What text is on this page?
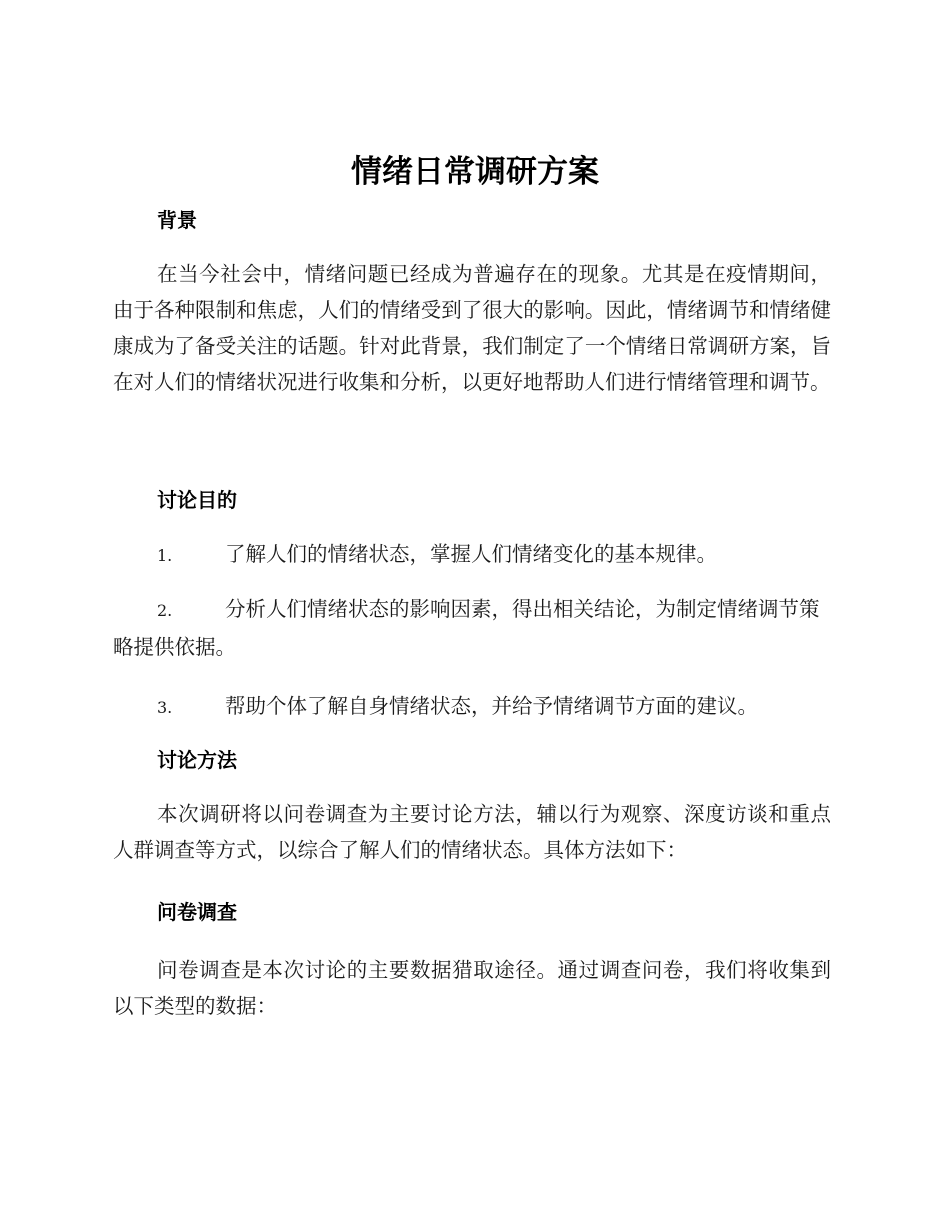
情绪日常调研方案
背景

在当今社会中，情绪问题已经成为普遍存在的现象。尤其是在疫情期间，由于各种限制和焦虑，人们的情绪受到了很大的影响。因此，情绪调节和情绪健康成为了备受关注的话题。针对此背景，我们制定了一个情绪日常调研方案，旨在对人们的情绪状况进行收集和分析，以更好地帮助人们进行情绪管理和调节。

讨论目的

1.	了解人们的情绪状态，掌握人们情绪变化的基本规律。

2.	分析人们情绪状态的影响因素，得出相关结论，为制定情绪调节策略提供依据。

3.	帮助个体了解自身情绪状态，并给予情绪调节方面的建议。

讨论方法

本次调研将以问卷调查为主要讨论方法，辅以行为观察、深度访谈和重点人群调查等方式，以综合了解人们的情绪状态。具体方法如下：

问卷调查

问卷调查是本次讨论的主要数据猎取途径。通过调查问卷，我们将收集到以下类型的数据：
